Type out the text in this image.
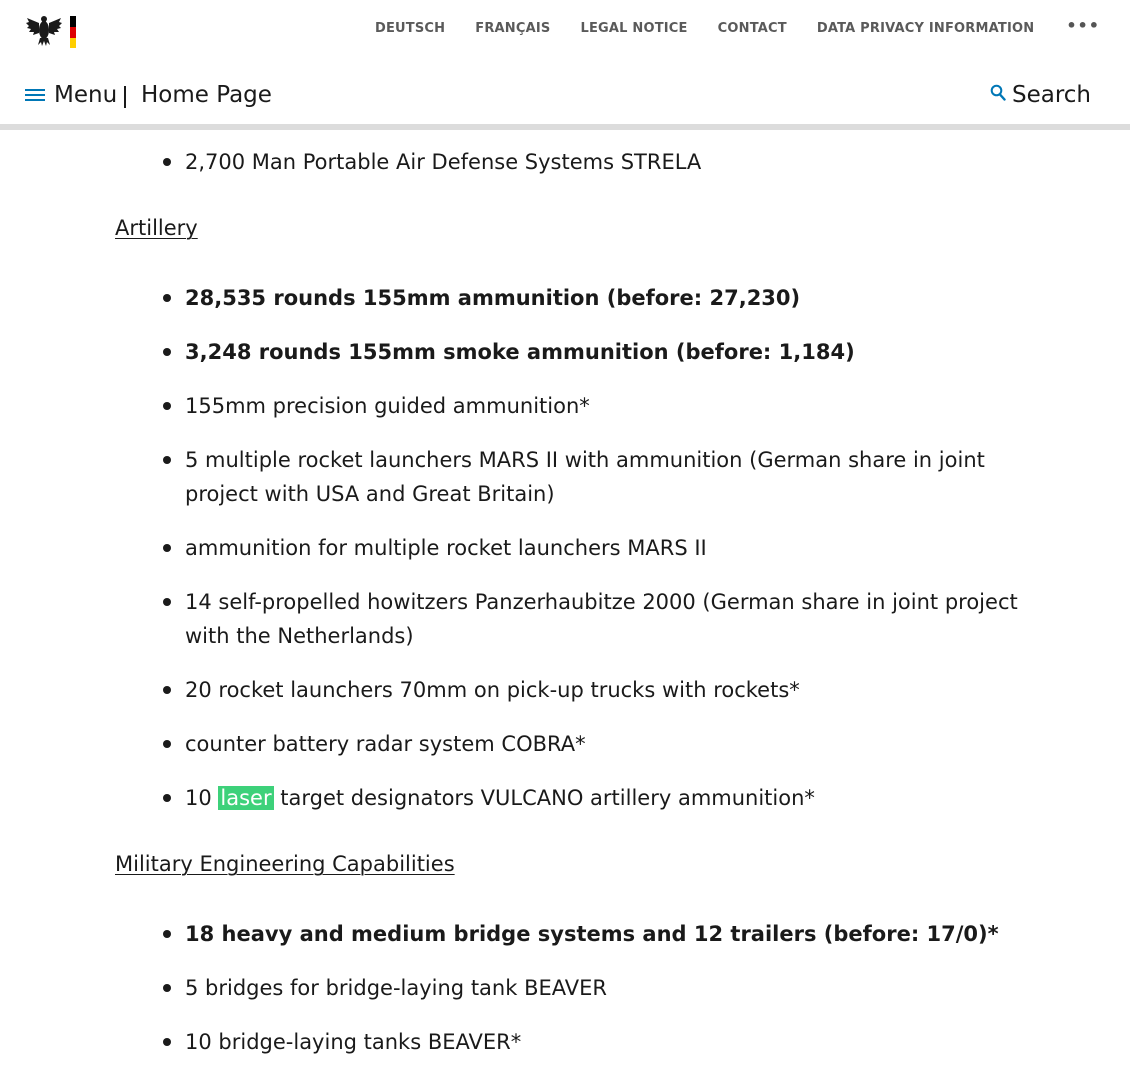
DEUTSCH FRANÇAIS LEGAL NOTICE CONTACT DATA PRIVACY INFORMATION •••
Menu Home Page	Search
2,700 Man Portable Air Defense Systems STRELA
Artillery
28,535 rounds 155mm ammunition (before: 27,230)
3,248 rounds 155mm smoke ammunition (before: 1,184)
155mm precision guided ammunition*
5 multiple rocket launchers MARS II with ammunition (German share in joint project with USA and Great Britain)
ammunition for multiple rocket launchers MARS II
14 self-propelled howitzers Panzerhaubitze 2000 (German share in joint project with the Netherlands)
20 rocket launchers 70mm on pick-up trucks with rockets*
counter battery radar system COBRA*
10 laser target designators VULCANO artillery ammunition*
Military Engineering Capabilities
18 heavy and medium bridge systems and 12 trailers (before: 17/0)*
5 bridges for bridge-laying tank BEAVER
10 bridge-laying tanks BEAVER*
